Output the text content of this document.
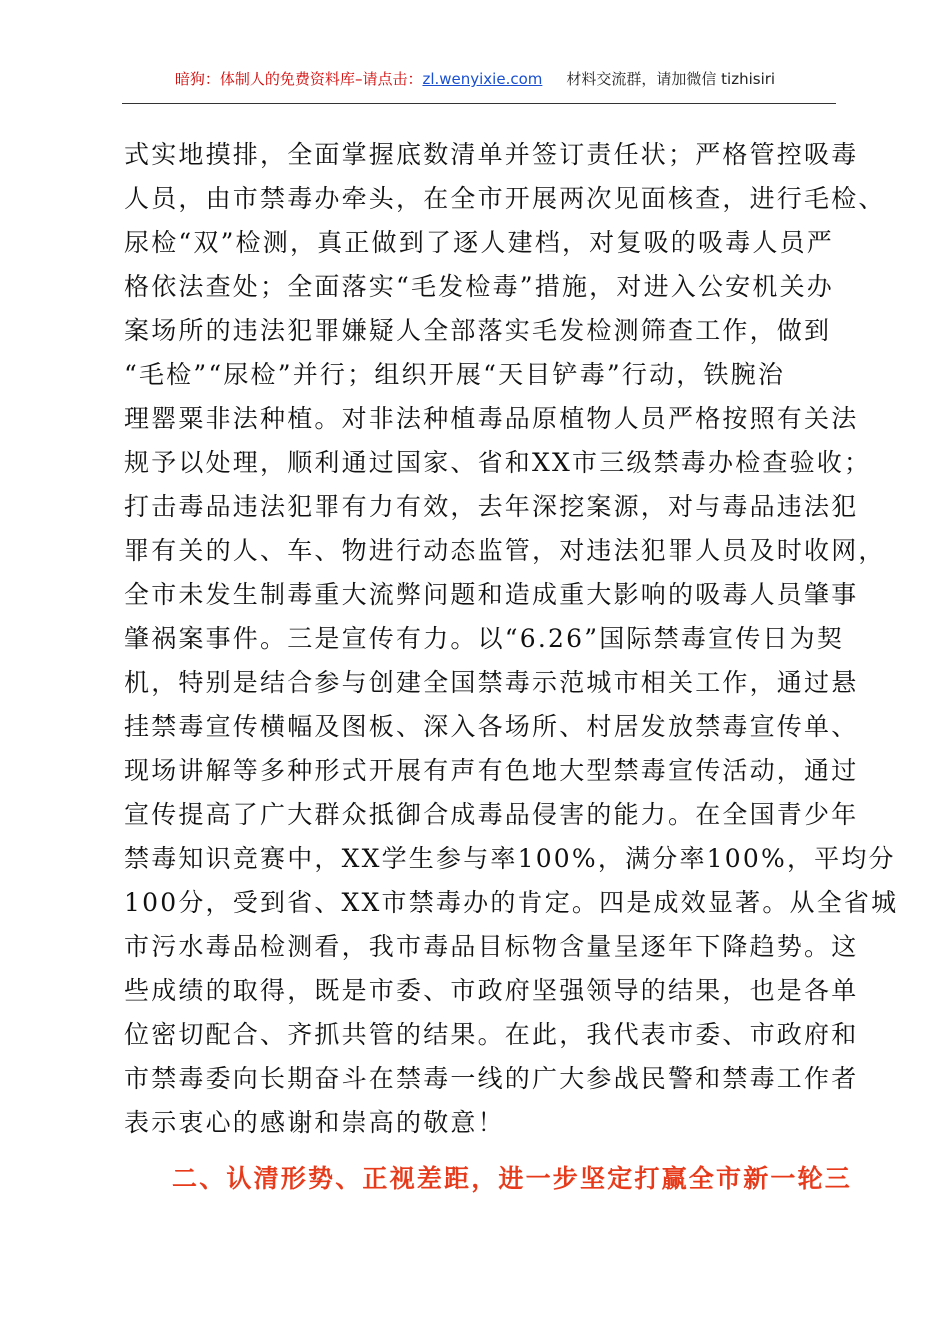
暗狗：体制人的免费资料库–请点击：zl.wenyixie.com 材料交流群，请加微信 tizhisiri
式实地摸排，全面掌握底数清单并签订责任状；严格管控吸毒
人员，由市禁毒办牵头，在全市开展两次见面核查，进行毛检、
尿检“双”检测，真正做到了逐人建档，对复吸的吸毒人员严
格依法查处；全面落实“毛发检毒”措施，对进入公安机关办
案场所的违法犯罪嫌疑人全部落实毛发检测筛查工作，做到
“毛检”“尿检”并行；组织开展“天目铲毒”行动，铁腕治
理罂粟非法种植。对非法种植毒品原植物人员严格按照有关法
规予以处理，顺利通过国家、省和XX市三级禁毒办检查验收；
打击毒品违法犯罪有力有效，去年深挖案源，对与毒品违法犯
罪有关的人、车、物进行动态监管，对违法犯罪人员及时收网，
全市未发生制毒重大流弊问题和造成重大影响的吸毒人员肇事
肇祸案事件。三是宣传有力。以“6.26”国际禁毒宣传日为契
机，特别是结合参与创建全国禁毒示范城市相关工作，通过悬
挂禁毒宣传横幅及图板、深入各场所、村居发放禁毒宣传单、
现场讲解等多种形式开展有声有色地大型禁毒宣传活动，通过
宣传提高了广大群众抵御合成毒品侵害的能力。在全国青少年
禁毒知识竞赛中，XX学生参与率100%，满分率100%，平均分
100分，受到省、XX市禁毒办的肯定。四是成效显著。从全省城
市污水毒品检测看，我市毒品目标物含量呈逐年下降趋势。这
些成绩的取得，既是市委、市政府坚强领导的结果，也是各单
位密切配合、齐抓共管的结果。在此，我代表市委、市政府和
市禁毒委向长期奋斗在禁毒一线的广大参战民警和禁毒工作者
表示衷心的感谢和崇高的敬意！
二、认清形势、正视差距，进一步坚定打赢全市新一轮三
